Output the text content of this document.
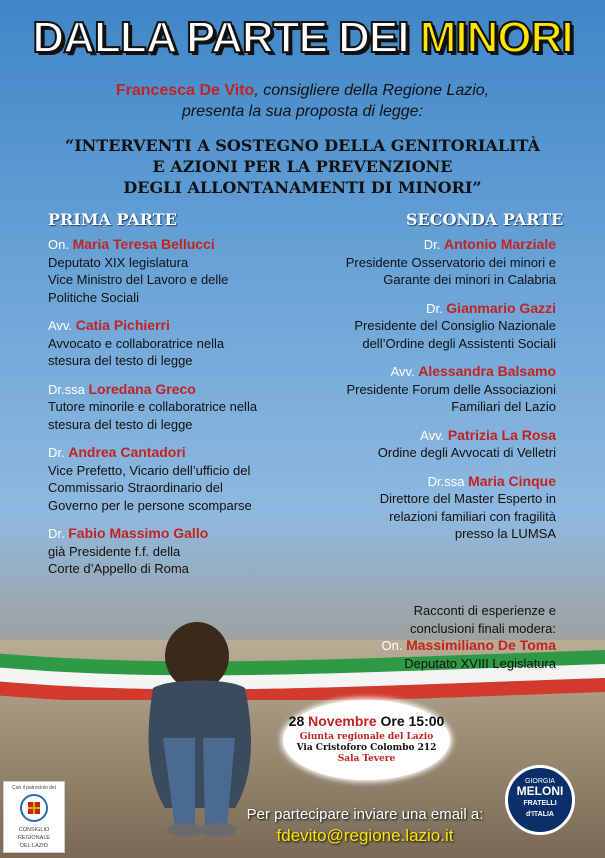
DALLA PARTE DEI MINORI
Francesca De Vito, consigliere della Regione Lazio,
presenta la sua proposta di legge:
“INTERVENTI A SOSTEGNO DELLA GENITORIALITÀ
E AZIONI PER LA PREVENZIONE
DEGLI ALLONTANAMENTI DI MINORI”
PRIMA PARTE	SECONDA PARTE
On. Maria Teresa Bellucci
Deputato XIX legislatura
Vice Ministro del Lavoro e delle
Politiche Sociali
Avv. Catia Pichierri
Avvocato e collaboratrice nella
stesura del testo di legge
Dr.ssa Loredana Greco
Tutore minorile e collaboratrice nella
stesura del testo di legge
Dr. Andrea Cantadori
Vice Prefetto, Vicario dell’ufficio del
Commissario Straordinario del
Governo per le persone scomparse
Dr. Fabio Massimo Gallo
già Presidente f.f. della
Corte d’Appello di Roma
Dr. Antonio Marziale
Presidente Osservatorio dei minori e
Garante dei minori in Calabria
Dr. Gianmario Gazzi
Presidente del Consiglio Nazionale
dell’Ordine degli Assistenti Sociali
Avv. Alessandra Balsamo
Presidente Forum delle Associazioni
Familiari del Lazio
Avv. Patrizia La Rosa
Ordine degli Avvocati di Velletri
Dr.ssa Maria Cinque
Direttore del Master Esperto in
relazioni familiari con fragilità
presso la LUMSA
Racconti di esperienze e
conclusioni finali modera:
On. Massimiliano De Toma
Deputato XVIII Legislatura
28 Novembre Ore 15:00
Giunta regionale del Lazio
Via Cristoforo Colombo 212
Sala Tevere
Per partecipare inviare una email a:
fdevito@regione.lazio.it
Con il patrocinio del
CONSIGLIO
REGIONALE
DEL LAZIO
GIORGIA
MELONI
FRATELLI
d'ITALIA
